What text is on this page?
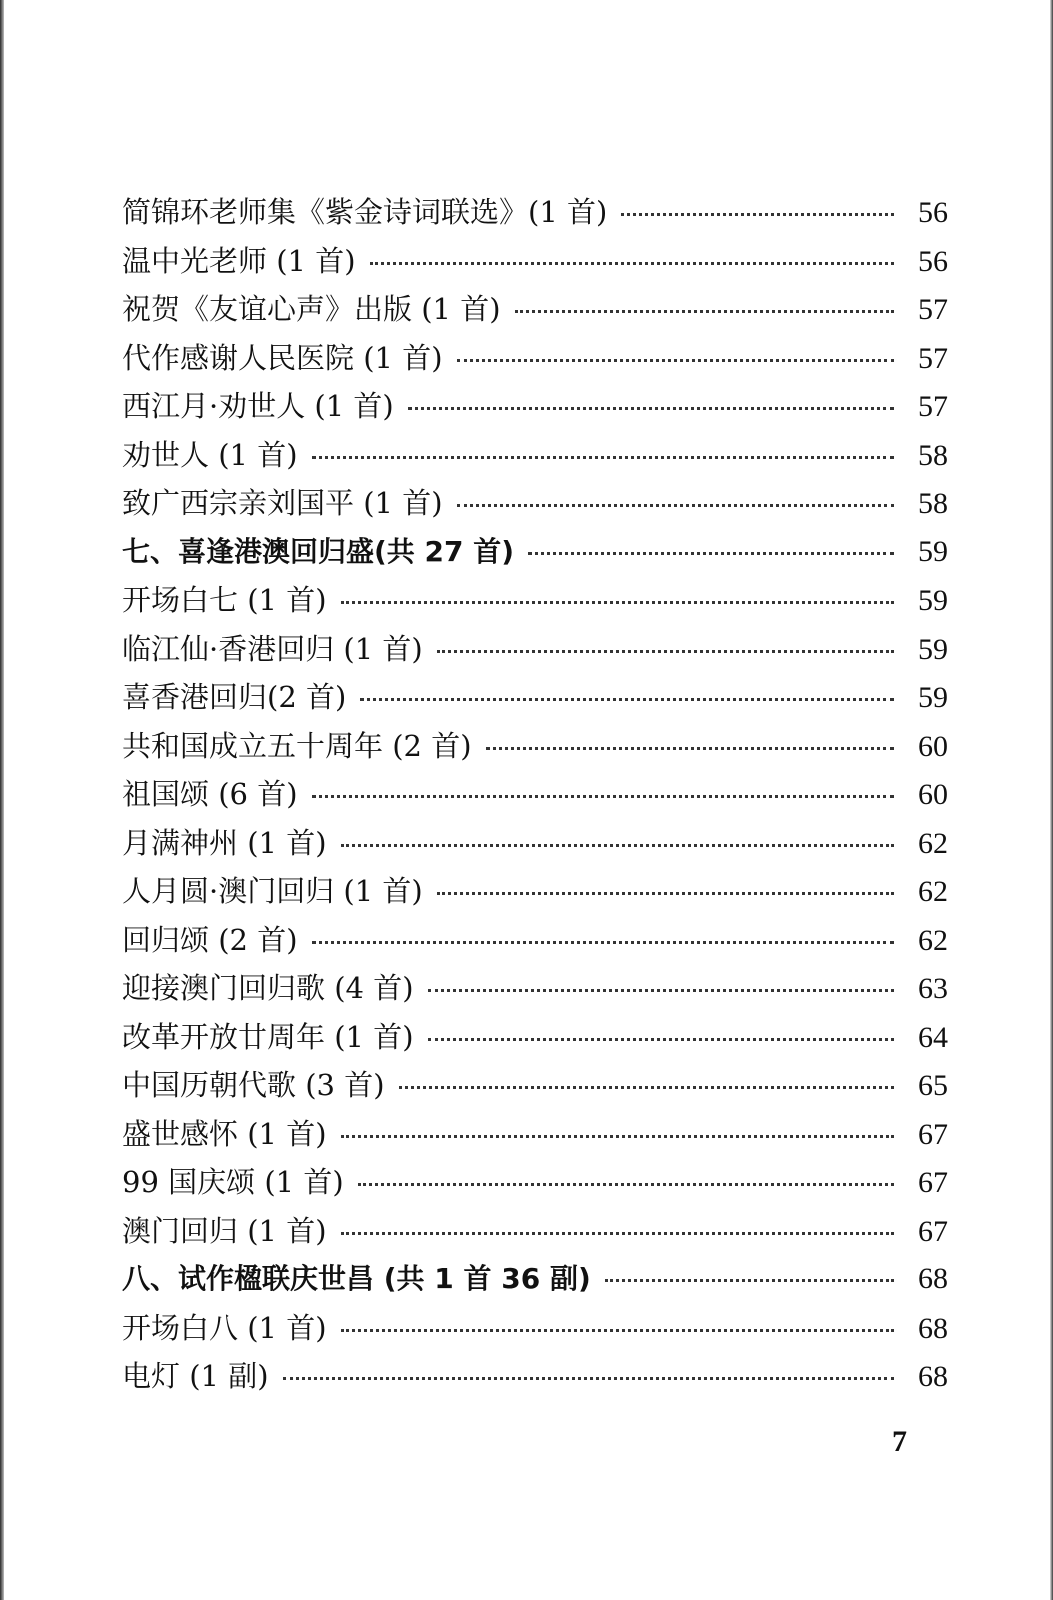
简锦环老师集《紫金诗词联选》(1 首)	56
温中光老师 (1 首)	56
祝贺《友谊心声》出版 (1 首)	57
代作感谢人民医院 (1 首)	57
西江月·劝世人 (1 首)	57
劝世人 (1 首)	58
致广西宗亲刘国平 (1 首)	58
七、喜逢港澳回归盛(共 27 首)	59
开场白七 (1 首)	59
临江仙·香港回归 (1 首)	59
喜香港回归(2 首)	59
共和国成立五十周年 (2 首)	60
祖国颂 (6 首)	60
月满神州 (1 首)	62
人月圆·澳门回归 (1 首)	62
回归颂 (2 首)	62
迎接澳门回归歌 (4 首)	63
改革开放廿周年 (1 首)	64
中国历朝代歌 (3 首)	65
盛世感怀 (1 首)	67
99 国庆颂 (1 首)	67
澳门回归 (1 首)	67
八、试作楹联庆世昌 (共 1 首 36 副)	68
开场白八 (1 首)	68
电灯 (1 副)	68
7
